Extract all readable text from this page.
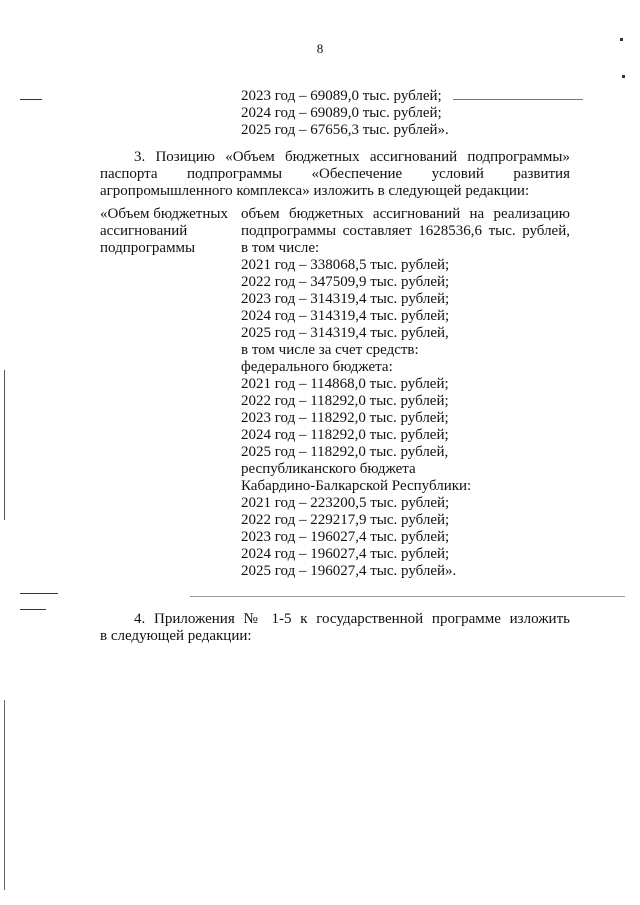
8
2023 год – 69089,0 тыс. рублей;
2024 год – 69089,0 тыс. рублей;
2025 год – 67656,3 тыс. рублей».
3. Позицию «Объем бюджетных ассигнований подпрограммы»
паспорта подпрограммы «Обеспечение условий развития
агропромышленного комплекса» изложить в следующей редакции:
«Объем бюджетных
ассигнований
подпрограммы
объем бюджетных ассигнований на реализацию
подпрограммы составляет 1628536,6 тыс. рублей,
в том числе:
2021 год – 338068,5 тыс. рублей;
2022 год – 347509,9 тыс. рублей;
2023 год – 314319,4 тыс. рублей;
2024 год – 314319,4 тыс. рублей;
2025 год – 314319,4 тыс. рублей,
в том числе за счет средств:
федерального бюджета:
2021 год – 114868,0 тыс. рублей;
2022 год – 118292,0 тыс. рублей;
2023 год – 118292,0 тыс. рублей;
2024 год – 118292,0 тыс. рублей;
2025 год – 118292,0 тыс. рублей,
республиканского бюджета
Кабардино-Балкарской Республики:
2021 год – 223200,5 тыс. рублей;
2022 год – 229217,9 тыс. рублей;
2023 год – 196027,4 тыс. рублей;
2024 год – 196027,4 тыс. рублей;
2025 год – 196027,4 тыс. рублей».
4. Приложения № 1-5 к государственной программе изложить
в следующей редакции:
